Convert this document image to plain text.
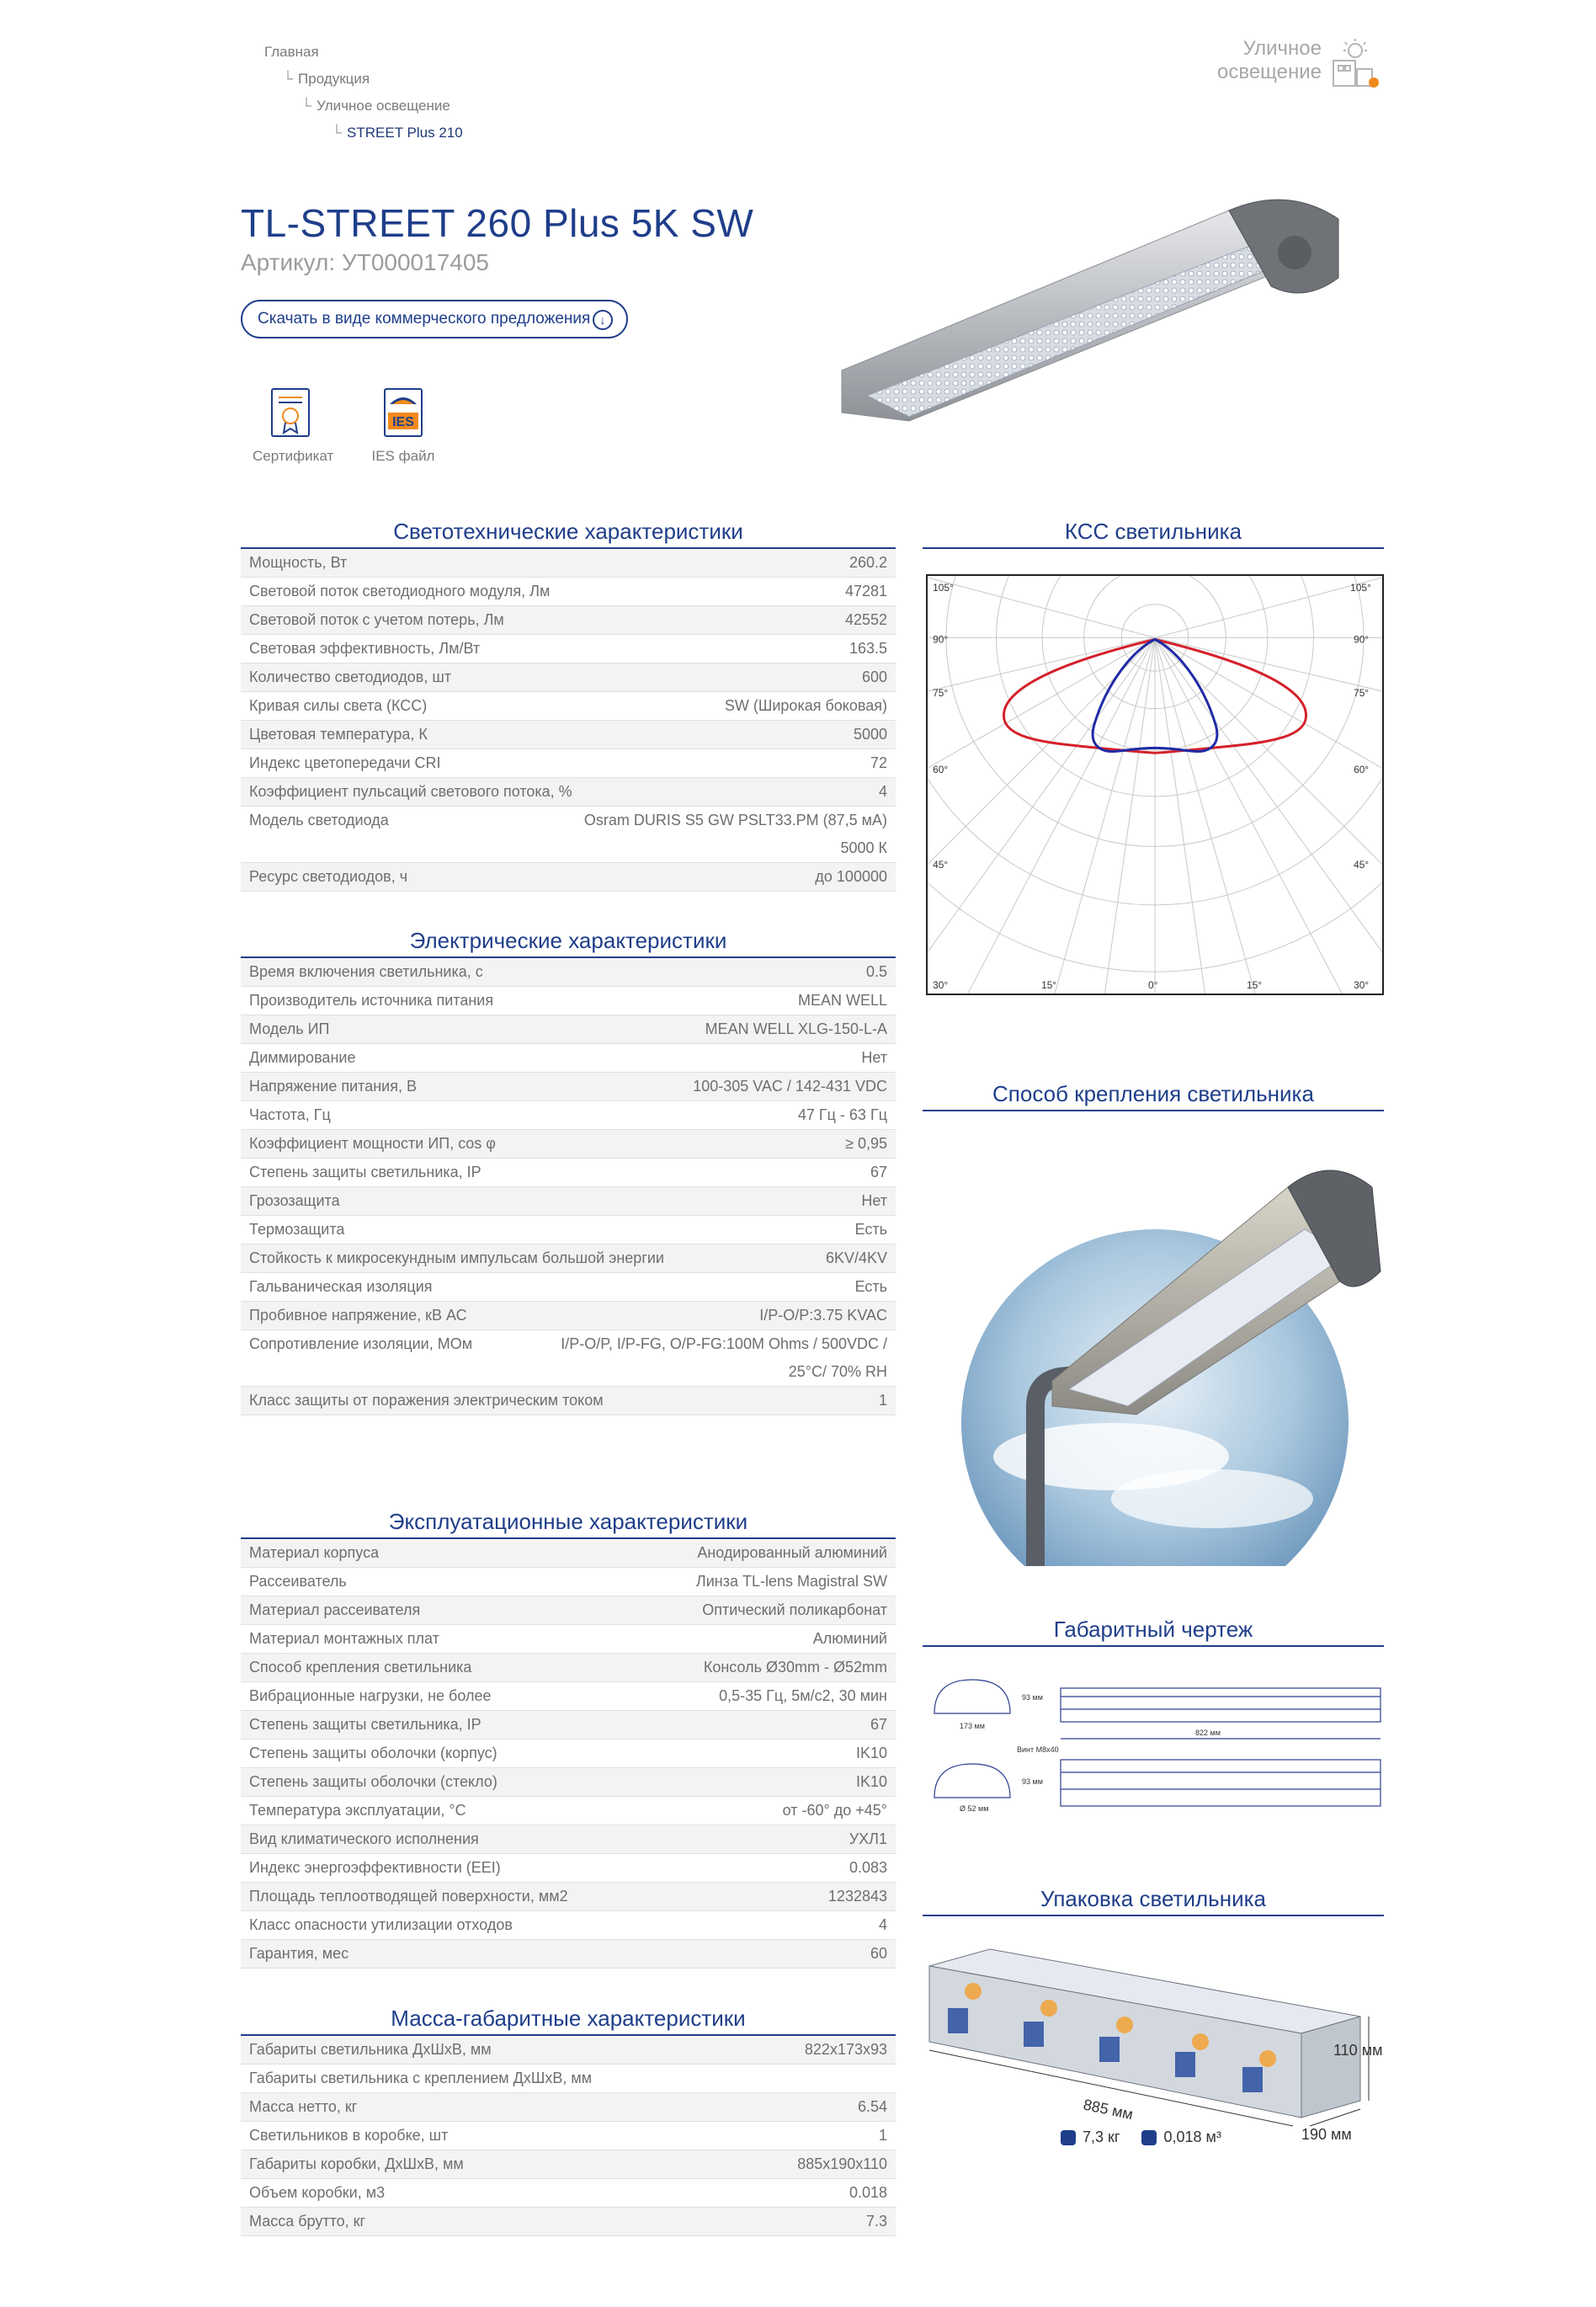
Главная
└ Продукция
└ Уличное освещение
└ STREET Plus 210
Уличное
освещение
TL-STREET 260 Plus 5K SW
Артикул: УТ000017405
Скачать в виде коммерческого предложения ↓
Сертификат
IES
IES файл
Светотехнические характеристики
Мощность, Вт	260.2
Световой поток светодиодного модуля, Лм	47281
Световой поток с учетом потерь, Лм	42552
Световая эффективность, Лм/Вт	163.5
Количество светодиодов, шт	600
Кривая силы света (КСС)	SW (Широкая боковая)
Цветовая температура, К	5000
Индекс цветопередачи CRI	72
Коэффициент пульсаций светового потока, %	4
Модель светодиода	Osram DURIS S5 GW PSLT33.PM (87,5 мА) 5000 К
Ресурс светодиодов, ч	до 100000
Электрические характеристики
Время включения светильника, с	0.5
Производитель источника питания	MEAN WELL
Модель ИП	MEAN WELL XLG-150-L-A
Диммирование	Нет
Напряжение питания, В	100-305 VAC / 142-431 VDC
Частота, Гц	47 Гц - 63 Гц
Коэффициент мощности ИП, cos φ	≥ 0,95
Степень защиты светильника, IP	67
Грозозащита	Нет
Термозащита	Есть
Стойкость к микросекундным импульсам большой энергии	6KV/4KV
Гальваническая изоляция	Есть
Пробивное напряжение, кВ АС	I/P-O/P:3.75 KVAC
Сопротивление изоляции, МОм	I/P-O/P, I/P-FG, O/P-FG:100M Ohms / 500VDC / 25°C/ 70% RH
Класс защиты от поражения электрическим током	1
Эксплуатационные характеристики
Материал корпуса	Анодированный алюминий
Рассеиватель	Линза TL-lens Magistral SW
Материал рассеивателя	Оптический поликарбонат
Материал монтажных плат	Алюминий
Способ крепления светильника	Консоль Ø30mm - Ø52mm
Вибрационные нагрузки, не более	0,5-35 Гц, 5м/с2, 30 мин
Степень защиты светильника, IP	67
Степень защиты оболочки (корпус)	IK10
Степень защиты оболочки (стекло)	IK10
Температура эксплуатации, °С	от -60° до +45°
Вид климатического исполнения	УХЛ1
Индекс энергоэффективности (EEI)	0.083
Площадь теплоотводящей поверхности, мм2	1232843
Класс опасности утилизации отходов	4
Гарантия, мес	60
Масса-габаритные характеристики
Габариты светильника ДхШхВ, мм	822х173х93
Габариты светильника с креплением ДхШхВ, мм
Масса нетто, кг	6.54
Светильников в коробке, шт	1
Габариты коробки, ДхШхВ, мм	885х190х110
Объем коробки, м3	0.018
Масса брутто, кг	7.3
КСС светильника
105°	105°
90°	90°
75°	75°
60°	60°
45°	45°
30°	30°
15°	15°
0°
Способ крепления светильника
Габаритный чертеж
173 мм
822 мм
93 мм
93 мм
Винт M8х40
Ø 52 мм
Упаковка светильника
885 мм
190 мм
110 мм
7,3 кг	0,018 м³
